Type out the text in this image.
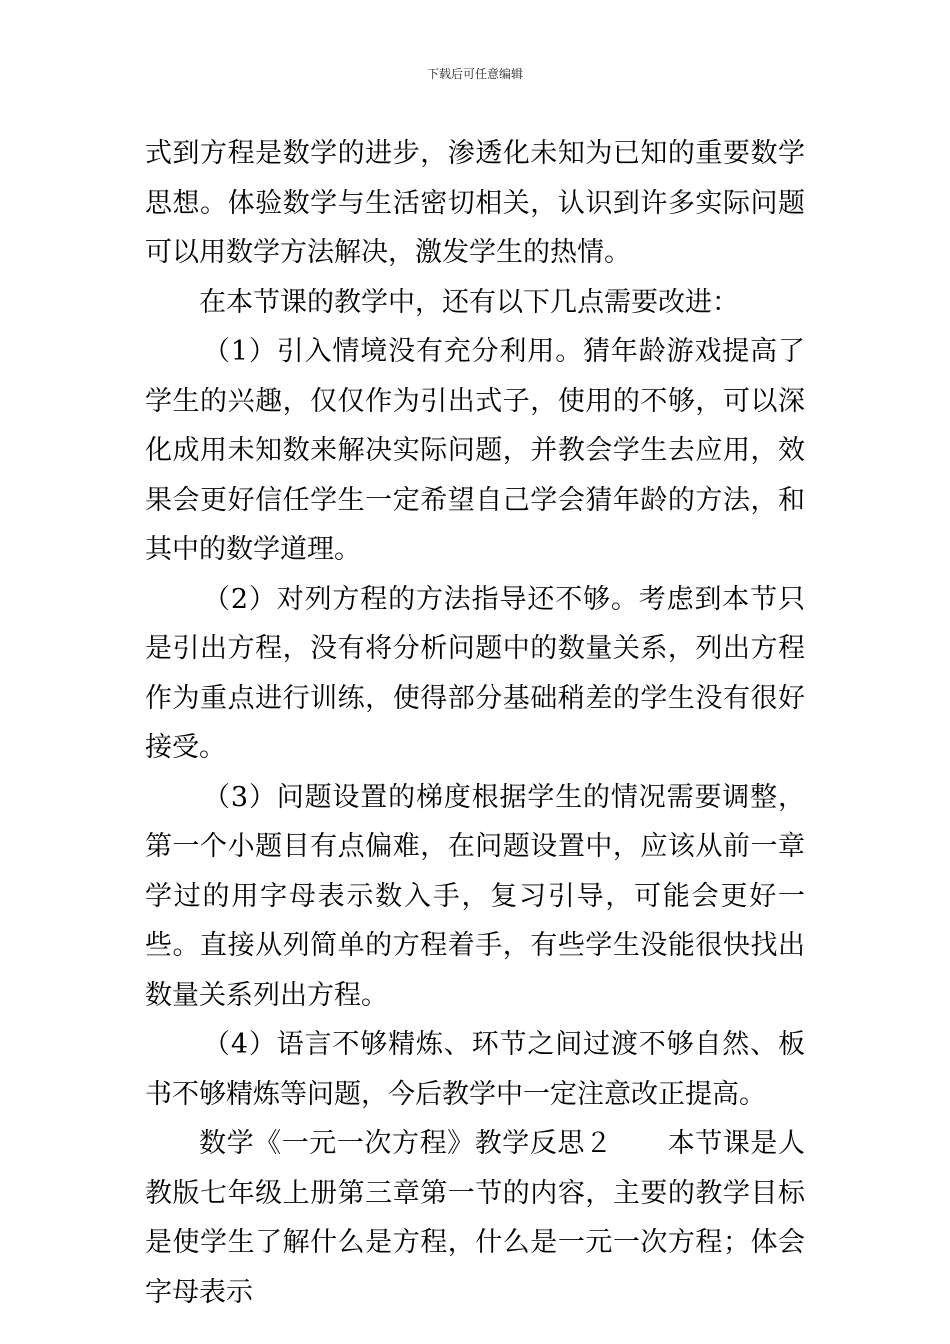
下载后可任意编辑

式到方程是数学的进步，渗透化未知为已知的重要数学思想。体验数学与生活密切相关，认识到许多实际问题可以用数学方法解决，激发学生的热情。

在本节课的教学中，还有以下几点需要改进：

（1）引入情境没有充分利用。猜年龄游戏提高了学生的兴趣，仅仅作为引出式子，使用的不够，可以深化成用未知数来解决实际问题，并教会学生去应用，效果会更好信任学生一定希望自己学会猜年龄的方法，和其中的数学道理。

（2）对列方程的方法指导还不够。考虑到本节只是引出方程，没有将分析问题中的数量关系，列出方程作为重点进行训练，使得部分基础稍差的学生没有很好接受。

（3）问题设置的梯度根据学生的情况需要调整，第一个小题目有点偏难，在问题设置中，应该从前一章学过的用字母表示数入手，复习引导，可能会更好一些。直接从列简单的方程着手，有些学生没能很快找出数量关系列出方程。

（4）语言不够精炼、环节之间过渡不够自然、板书不够精炼等问题，今后教学中一定注意改正提高。

数学《一元一次方程》教学反思２　　本节课是人教版七年级上册第三章第一节的内容，主要的教学目标是使学生了解什么是方程，什么是一元一次方程；体会字母表示
